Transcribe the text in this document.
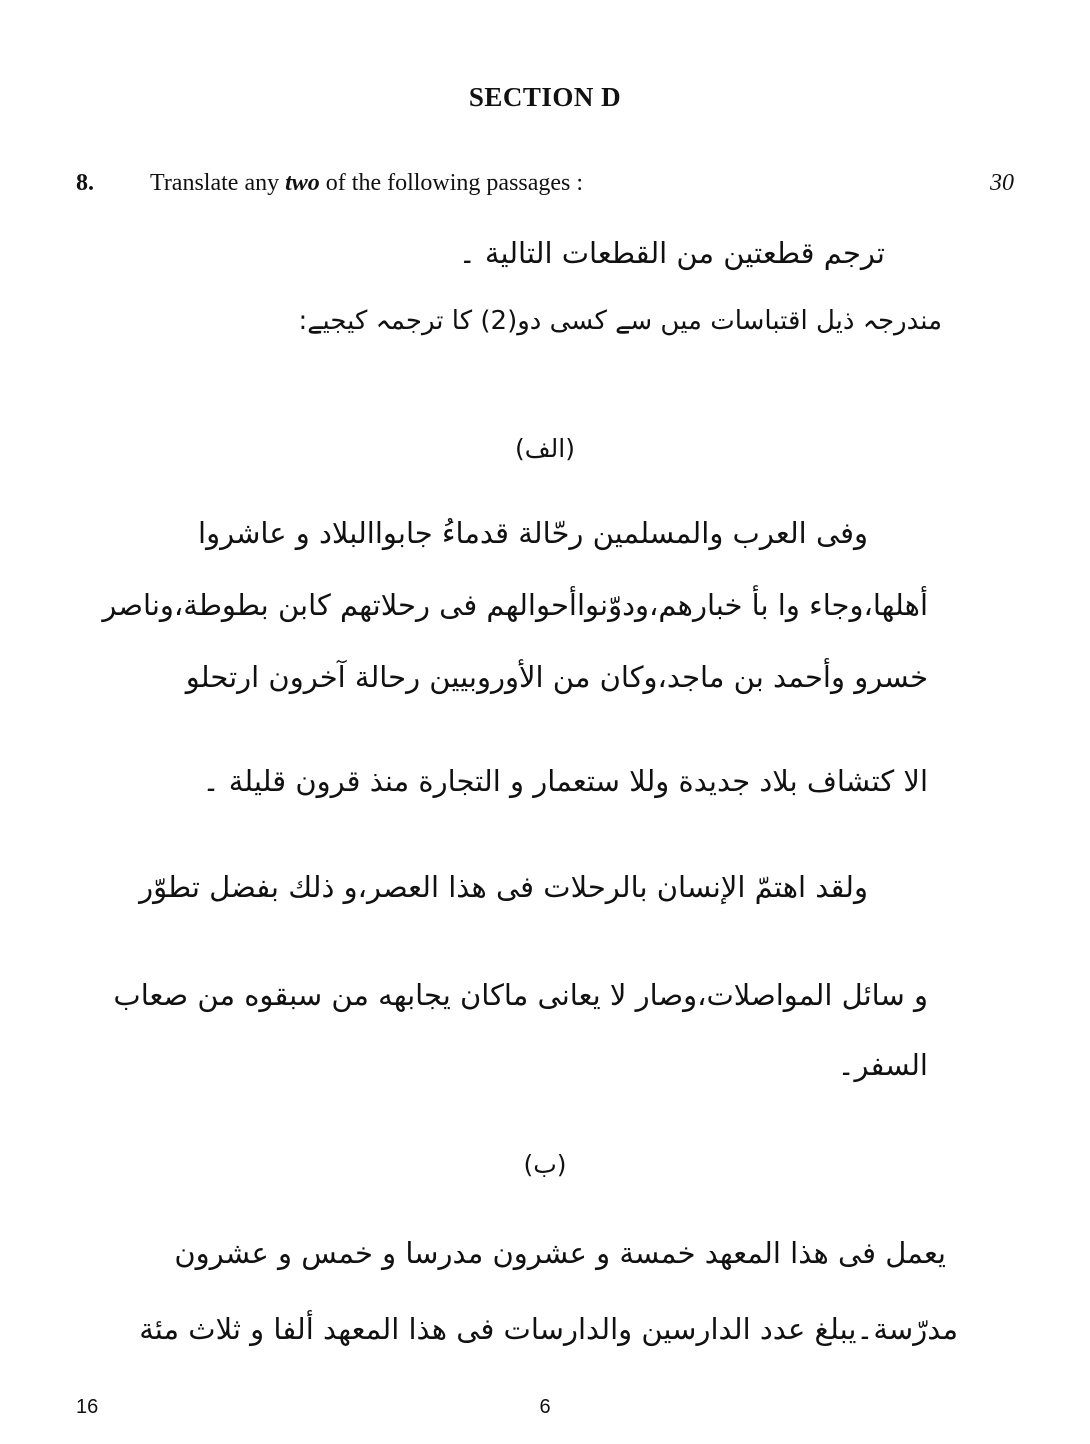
SECTION D
8. Translate any two of the following passages :	30
ترجم قطعتين من القطعات التالية ۔
مندرجہ ذیل اقتباسات میں سے کسی دو(2) کا ترجمہ کیجیے:
(الف)
وفى العرب والمسلمين رحّالة قدماءُ جابواالبلاد و عاشروا
أهلها،وجاء وا بأ خبارهم،ودوّنواأحوالهم فى رحلاتهم كابن بطوطة،وناصر
خسرو وأحمد بن ماجد،وكان من الأوروبيين رحالة آخرون ارتحلو
الا كتشاف بلاد جديدة وللا ستعمار و التجارة منذ قرون قليلة ۔
ولقد اهتمّ الإنسان بالرحلات فى هذا العصر،و ذلك بفضل تطوّر
و سائل المواصلات،وصار لا يعانى ماكان يجابهه من سبقوه من صعاب
السفر۔
(ب)
يعمل فى هذا المعهد خمسة و عشرون مدرسا و خمس و عشرون
مدرّسة۔يبلغ عدد الدارسين والدارسات فى هذا المعهد ألفا و ثلاث مئة
16	6
